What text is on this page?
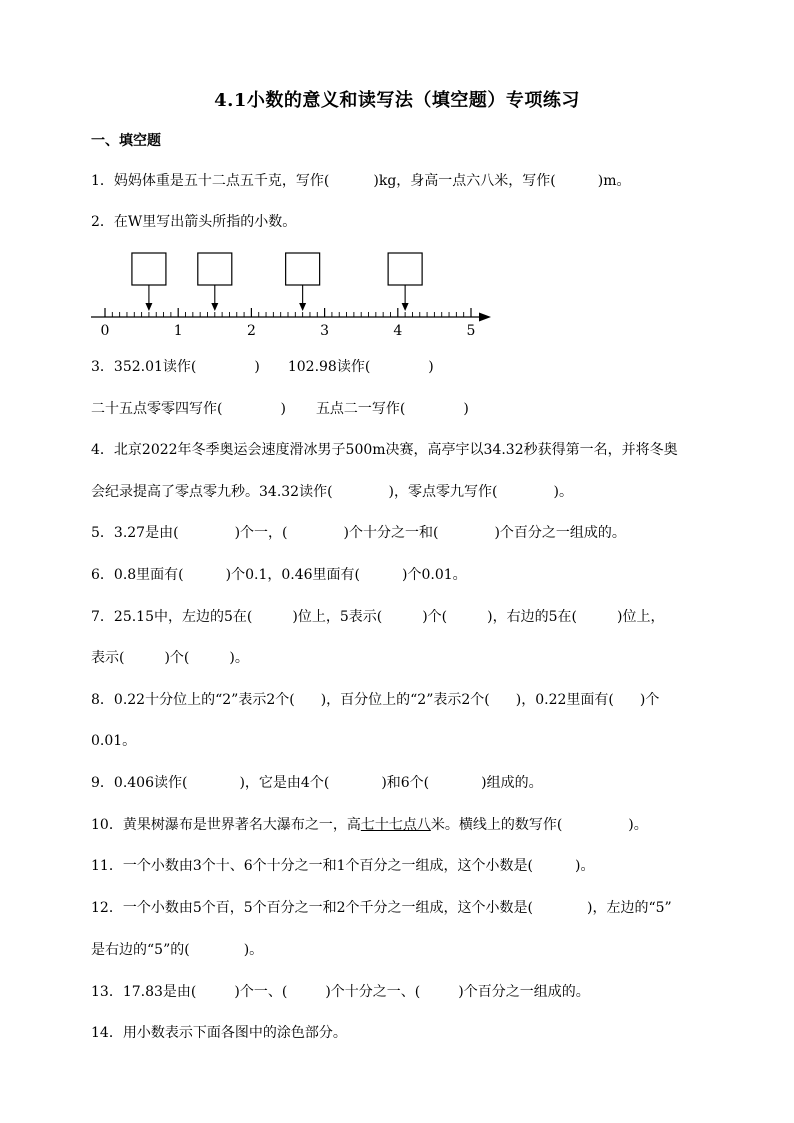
4.1小数的意义和读写法（填空题）专项练习
一、填空题
1．妈妈体重是五十二点五千克，写作(	)kg，身高一点六八米，写作(	)m。
2．在W里写出箭头所指的小数。
0	1	2	3	4	5
3．352.01读作(	) 102.98读作(	)
二十五点零零四写作(	) 五点二一写作(	)
4．北京2022年冬季奥运会速度滑冰男子500m决赛，高亭宇以34.32秒获得第一名，并将冬奥
会纪录提高了零点零九秒。34.32读作(	)，零点零九写作(	)。
5．3.27是由(	)个一，(	)个十分之一和(	)个百分之一组成的。
6．0.8里面有(	)个0.1，0.46里面有(	)个0.01。
7．25.15中，左边的5在(	)位上，5表示(	)个(	)，右边的5在(	)位上，
表示(	)个(	)。
8．0.22十分位上的“2”表示2个( )，百分位上的“2”表示2个( )，0.22里面有( )个
0.01。
9．0.406读作(	)，它是由4个(	)和6个(	)组成的。
10．黄果树瀑布是世界著名大瀑布之一，高七十七点八米。横线上的数写作(	)。
11．一个小数由3个十、6个十分之一和1个百分之一组成，这个小数是(	)。
12．一个小数由5个百，5个百分之一和2个千分之一组成，这个小数是(	)，左边的“5”
是右边的“5”的(	)。
13．17.83是由(	)个一、(	)个十分之一、(	)个百分之一组成的。
14．用小数表示下面各图中的涂色部分。
